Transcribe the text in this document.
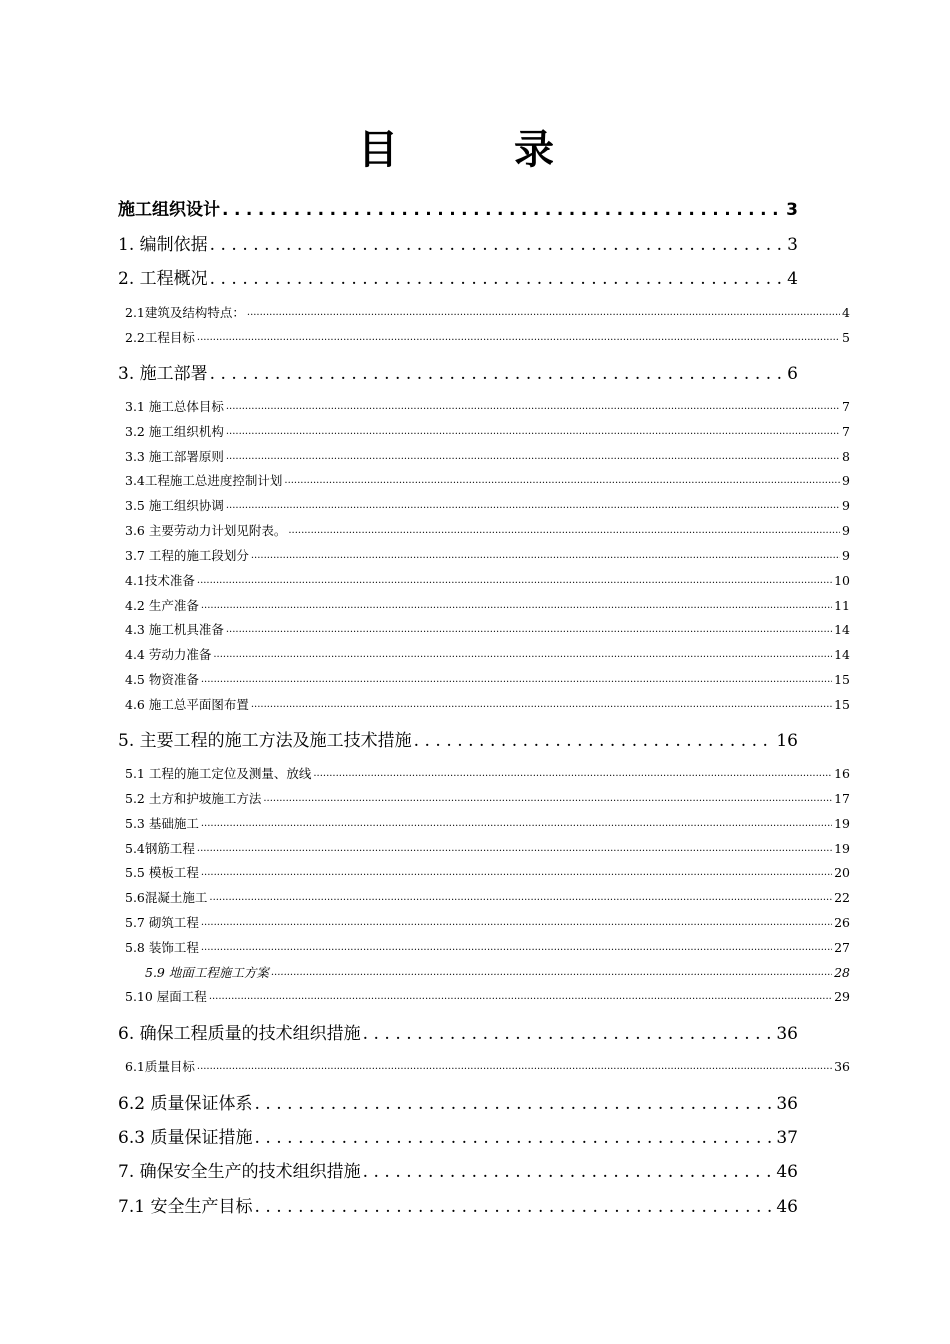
目　录
施工组织设计 .....	3
1. 编制依据 .....	3
2. 工程概况 .....	4
2.1建筑及结构特点： .....	4
2.2工程目标 .....	5
3. 施工部署 .....	6
3.1 施工总体目标 .....	7
3.2 施工组织机构 .....	7
3.3 施工部署原则 .....	8
3.4工程施工总进度控制计划 .....	9
3.5 施工组织协调 .....	9
3.6 主要劳动力计划见附表。 .....	9
3.7 工程的施工段划分 .....	9
4.1技术准备 .....	10
4.2 生产准备 .....	11
4.3 施工机具准备 .....	14
4.4 劳动力准备 .....	14
4.5 物资准备 .....	15
4.6 施工总平面图布置 .....	15
5. 主要工程的施工方法及施工技术措施 .....	16
5.1 工程的施工定位及测量、放线 .....	16
5.2 土方和护坡施工方法 .....	17
5.3 基础施工 .....	19
5.4钢筋工程 .....	19
5.5 模板工程 .....	20
5.6混凝土施工 .....	22
5.7 砌筑工程 .....	26
5.8 装饰工程 .....	27
5.9 地面工程施工方案 .....	28
5.10 屋面工程 .....	29
6. 确保工程质量的技术组织措施 .....	36
6.1质量目标 .....	36
6.2 质量保证体系 .....	36
6.3 质量保证措施 .....	37
7. 确保安全生产的技术组织措施 .....	46
7.1 安全生产目标 .....	46
